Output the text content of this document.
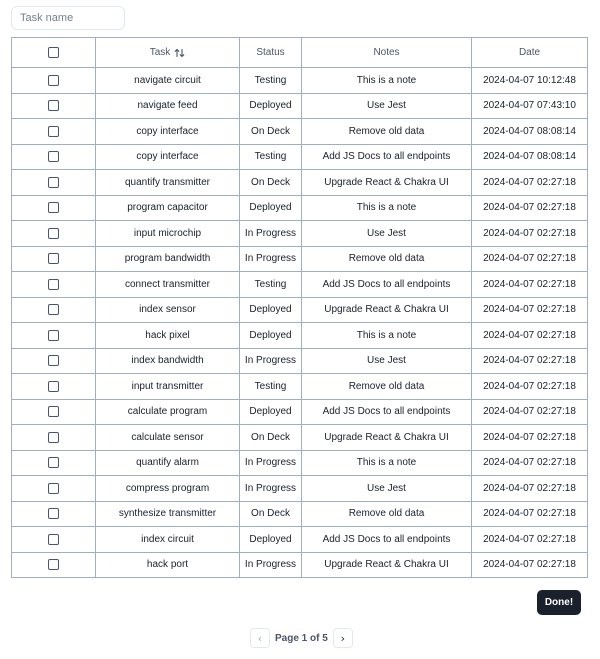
Task name

	Task	Status	Notes	Date
	navigate circuit	Testing	This is a note	2024-04-07 10:12:48
	navigate feed	Deployed	Use Jest	2024-04-07 07:43:10
	copy interface	On Deck	Remove old data	2024-04-07 08:08:14
	copy interface	Testing	Add JS Docs to all endpoints	2024-04-07 08:08:14
	quantify transmitter	On Deck	Upgrade React & Chakra UI	2024-04-07 02:27:18
	program capacitor	Deployed	This is a note	2024-04-07 02:27:18
	input microchip	In Progress	Use Jest	2024-04-07 02:27:18
	program bandwidth	In Progress	Remove old data	2024-04-07 02:27:18
	connect transmitter	Testing	Add JS Docs to all endpoints	2024-04-07 02:27:18
	index sensor	Deployed	Upgrade React & Chakra UI	2024-04-07 02:27:18
	hack pixel	Deployed	This is a note	2024-04-07 02:27:18
	index bandwidth	In Progress	Use Jest	2024-04-07 02:27:18
	input transmitter	Testing	Remove old data	2024-04-07 02:27:18
	calculate program	Deployed	Add JS Docs to all endpoints	2024-04-07 02:27:18
	calculate sensor	On Deck	Upgrade React & Chakra UI	2024-04-07 02:27:18
	quantify alarm	In Progress	This is a note	2024-04-07 02:27:18
	compress program	In Progress	Use Jest	2024-04-07 02:27:18
	synthesize transmitter	On Deck	Remove old data	2024-04-07 02:27:18
	index circuit	Deployed	Add JS Docs to all endpoints	2024-04-07 02:27:18
	hack port	In Progress	Upgrade React & Chakra UI	2024-04-07 02:27:18
Done!
‹	Page 1 of 5	›
